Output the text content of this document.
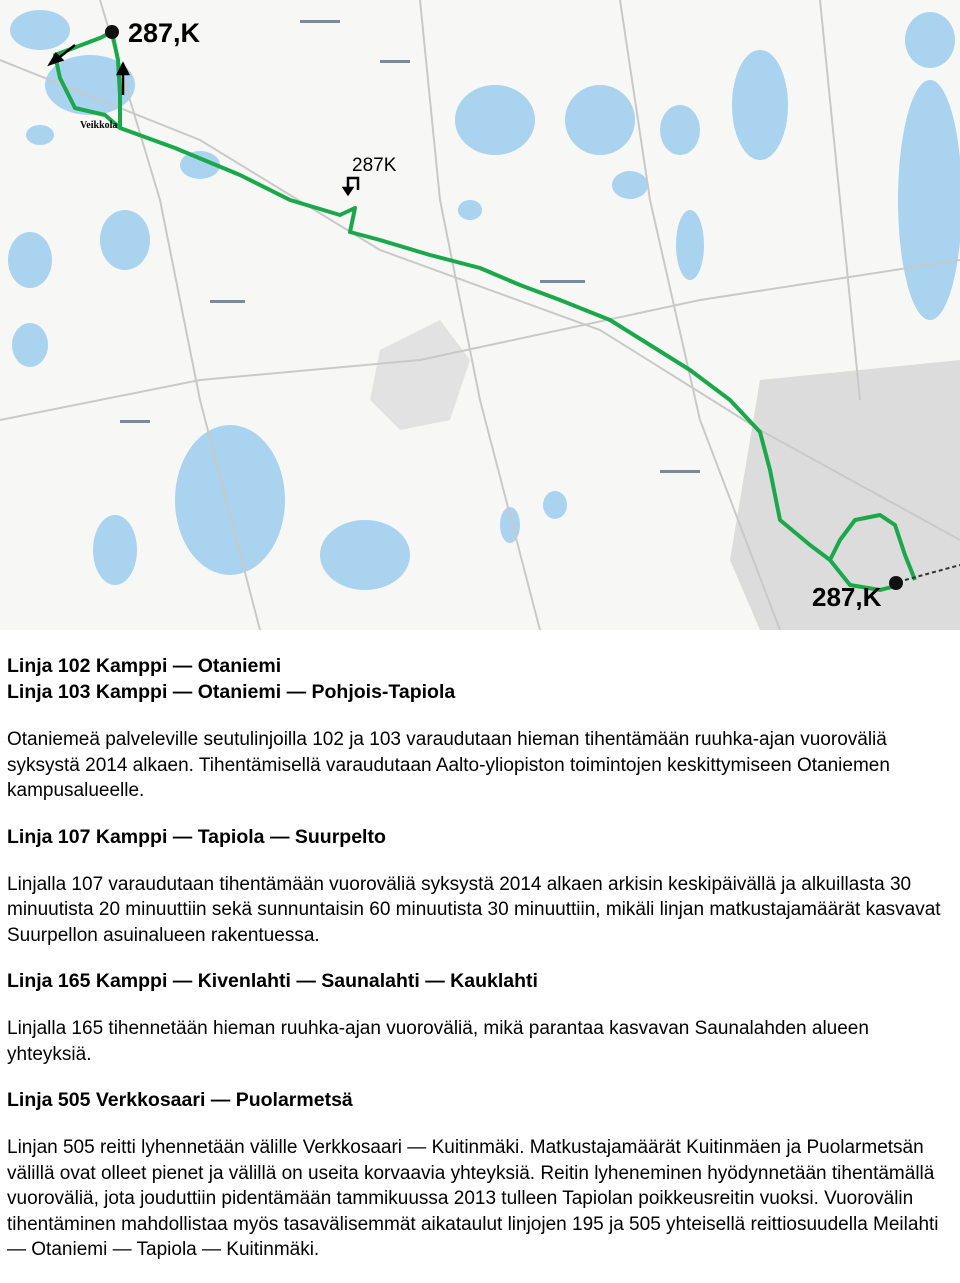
287,K
287K
287,K
Veikkola

Linja 102 Kamppi — Otaniemi

Linja 103 Kamppi — Otaniemi — Pohjois-Tapiola

Otaniemeä palveleville seutulinjoilla 102 ja 103 varaudutaan hieman tihentämään ruuhka-ajan vuoroväliä syksystä 2014 alkaen. Tihentämisellä varaudutaan Aalto-yliopiston toimintojen keskittymiseen Otaniemen kampusalueelle.

Linja 107 Kamppi — Tapiola — Suurpelto

Linjalla 107 varaudutaan tihentämään vuoroväliä syksystä 2014 alkaen arkisin keskipäivällä ja alkuillasta 30 minuutista 20 minuuttiin sekä sunnuntaisin 60 minuutista 30 minuuttiin, mikäli linjan matkustajamäärät kasvavat Suurpellon asuinalueen rakentuessa.

Linja 165 Kamppi — Kivenlahti — Saunalahti — Kauklahti

Linjalla 165 tihennetään hieman ruuhka-ajan vuoroväliä, mikä parantaa kasvavan Saunalahden alueen yhteyksiä.

Linja 505 Verkkosaari — Puolarmetsä

Linjan 505 reitti lyhennetään välille Verkkosaari — Kuitinmäki. Matkustajamäärät Kuitinmäen ja Puolarmetsän välillä ovat olleet pienet ja välillä on useita korvaavia yhteyksiä. Reitin lyheneminen hyödynnetään tihentämällä vuoroväliä, jota jouduttiin pidentämään tammikuussa 2013 tulleen Tapiolan poikkeusreitin vuoksi. Vuorovälin tihentäminen mahdollistaa myös tasavälisemmät aikataulut linjojen 195 ja 505 yhteisellä reittiosuudella Meilahti — Otaniemi — Tapiola — Kuitinmäki.
